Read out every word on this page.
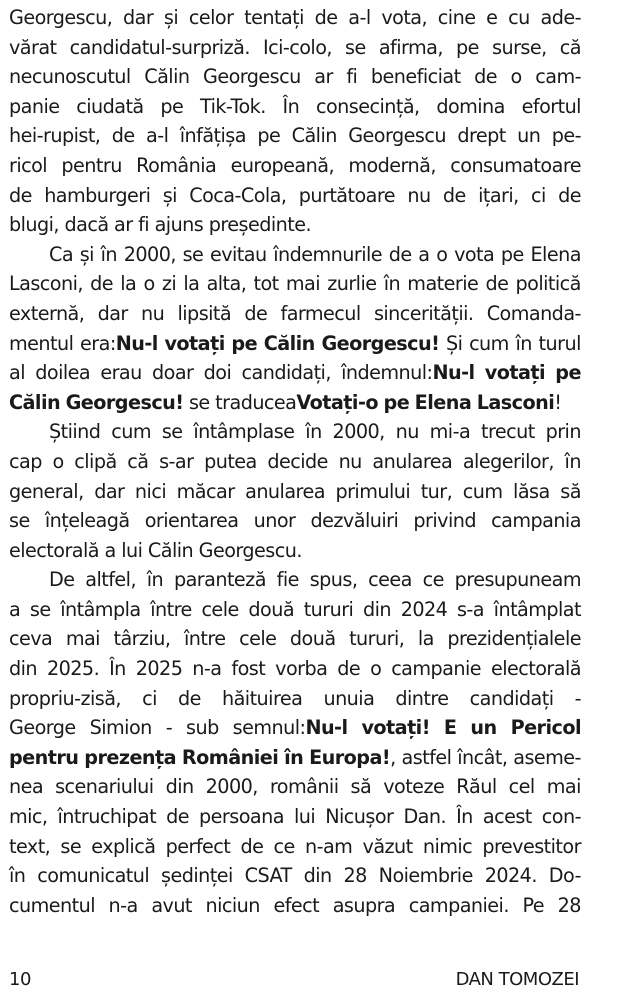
Georgescu, dar și celor tentați de a-l vota, cine e cu ade-
vărat candidatul-surpriză. Ici-colo, se afirma, pe surse, că
necunoscutul Călin Georgescu ar fi beneficiat de o cam-
panie ciudată pe Tik-Tok. În consecință, domina efortul
hei-rupist, de a-l înfățișa pe Călin Georgescu drept un pe-
ricol pentru România europeană, modernă, consumatoare
de hamburgeri și Coca-Cola, purtătoare nu de ițari, ci de
blugi, dacă ar fi ajuns președinte.
Ca și în 2000, se evitau îndemnurile de a o vota pe Elena
Lasconi, de la o zi la alta, tot mai zurlie în materie de politică
externă, dar nu lipsită de farmecul sincerității. Comanda-
mentul era:Nu-l votați pe Călin Georgescu! Și cum în turul
al doilea erau doar doi candidați, îndemnul:Nu-l votați pe
Călin Georgescu! se traduceaVotați-o pe Elena Lasconi!
Știind cum se întâmplase în 2000, nu mi-a trecut prin
cap o clipă că s-ar putea decide nu anularea alegerilor, în
general, dar nici măcar anularea primului tur, cum lăsa să
se înțeleagă orientarea unor dezvăluiri privind campania
electorală a lui Călin Georgescu.
De altfel, în paranteză fie spus, ceea ce presupuneam
a se întâmpla între cele două tururi din 2024 s-a întâmplat
ceva mai târziu, între cele două tururi, la prezidențialele
din 2025. În 2025 n-a fost vorba de o campanie electorală
propriu-zisă, ci de hăituirea unuia dintre candidați -
George Simion - sub semnul:Nu-l votați! E un Pericol
pentru prezența României în Europa!, astfel încât, aseme-
nea scenariului din 2000, românii să voteze Răul cel mai
mic, întruchipat de persoana lui Nicușor Dan. În acest con-
text, se explică perfect de ce n-am văzut nimic prevestitor
în comunicatul ședinței CSAT din 28 Noiembrie 2024. Do-
cumentul n-a avut niciun efect asupra campaniei. Pe 28
10	DAN TOMOZEI
